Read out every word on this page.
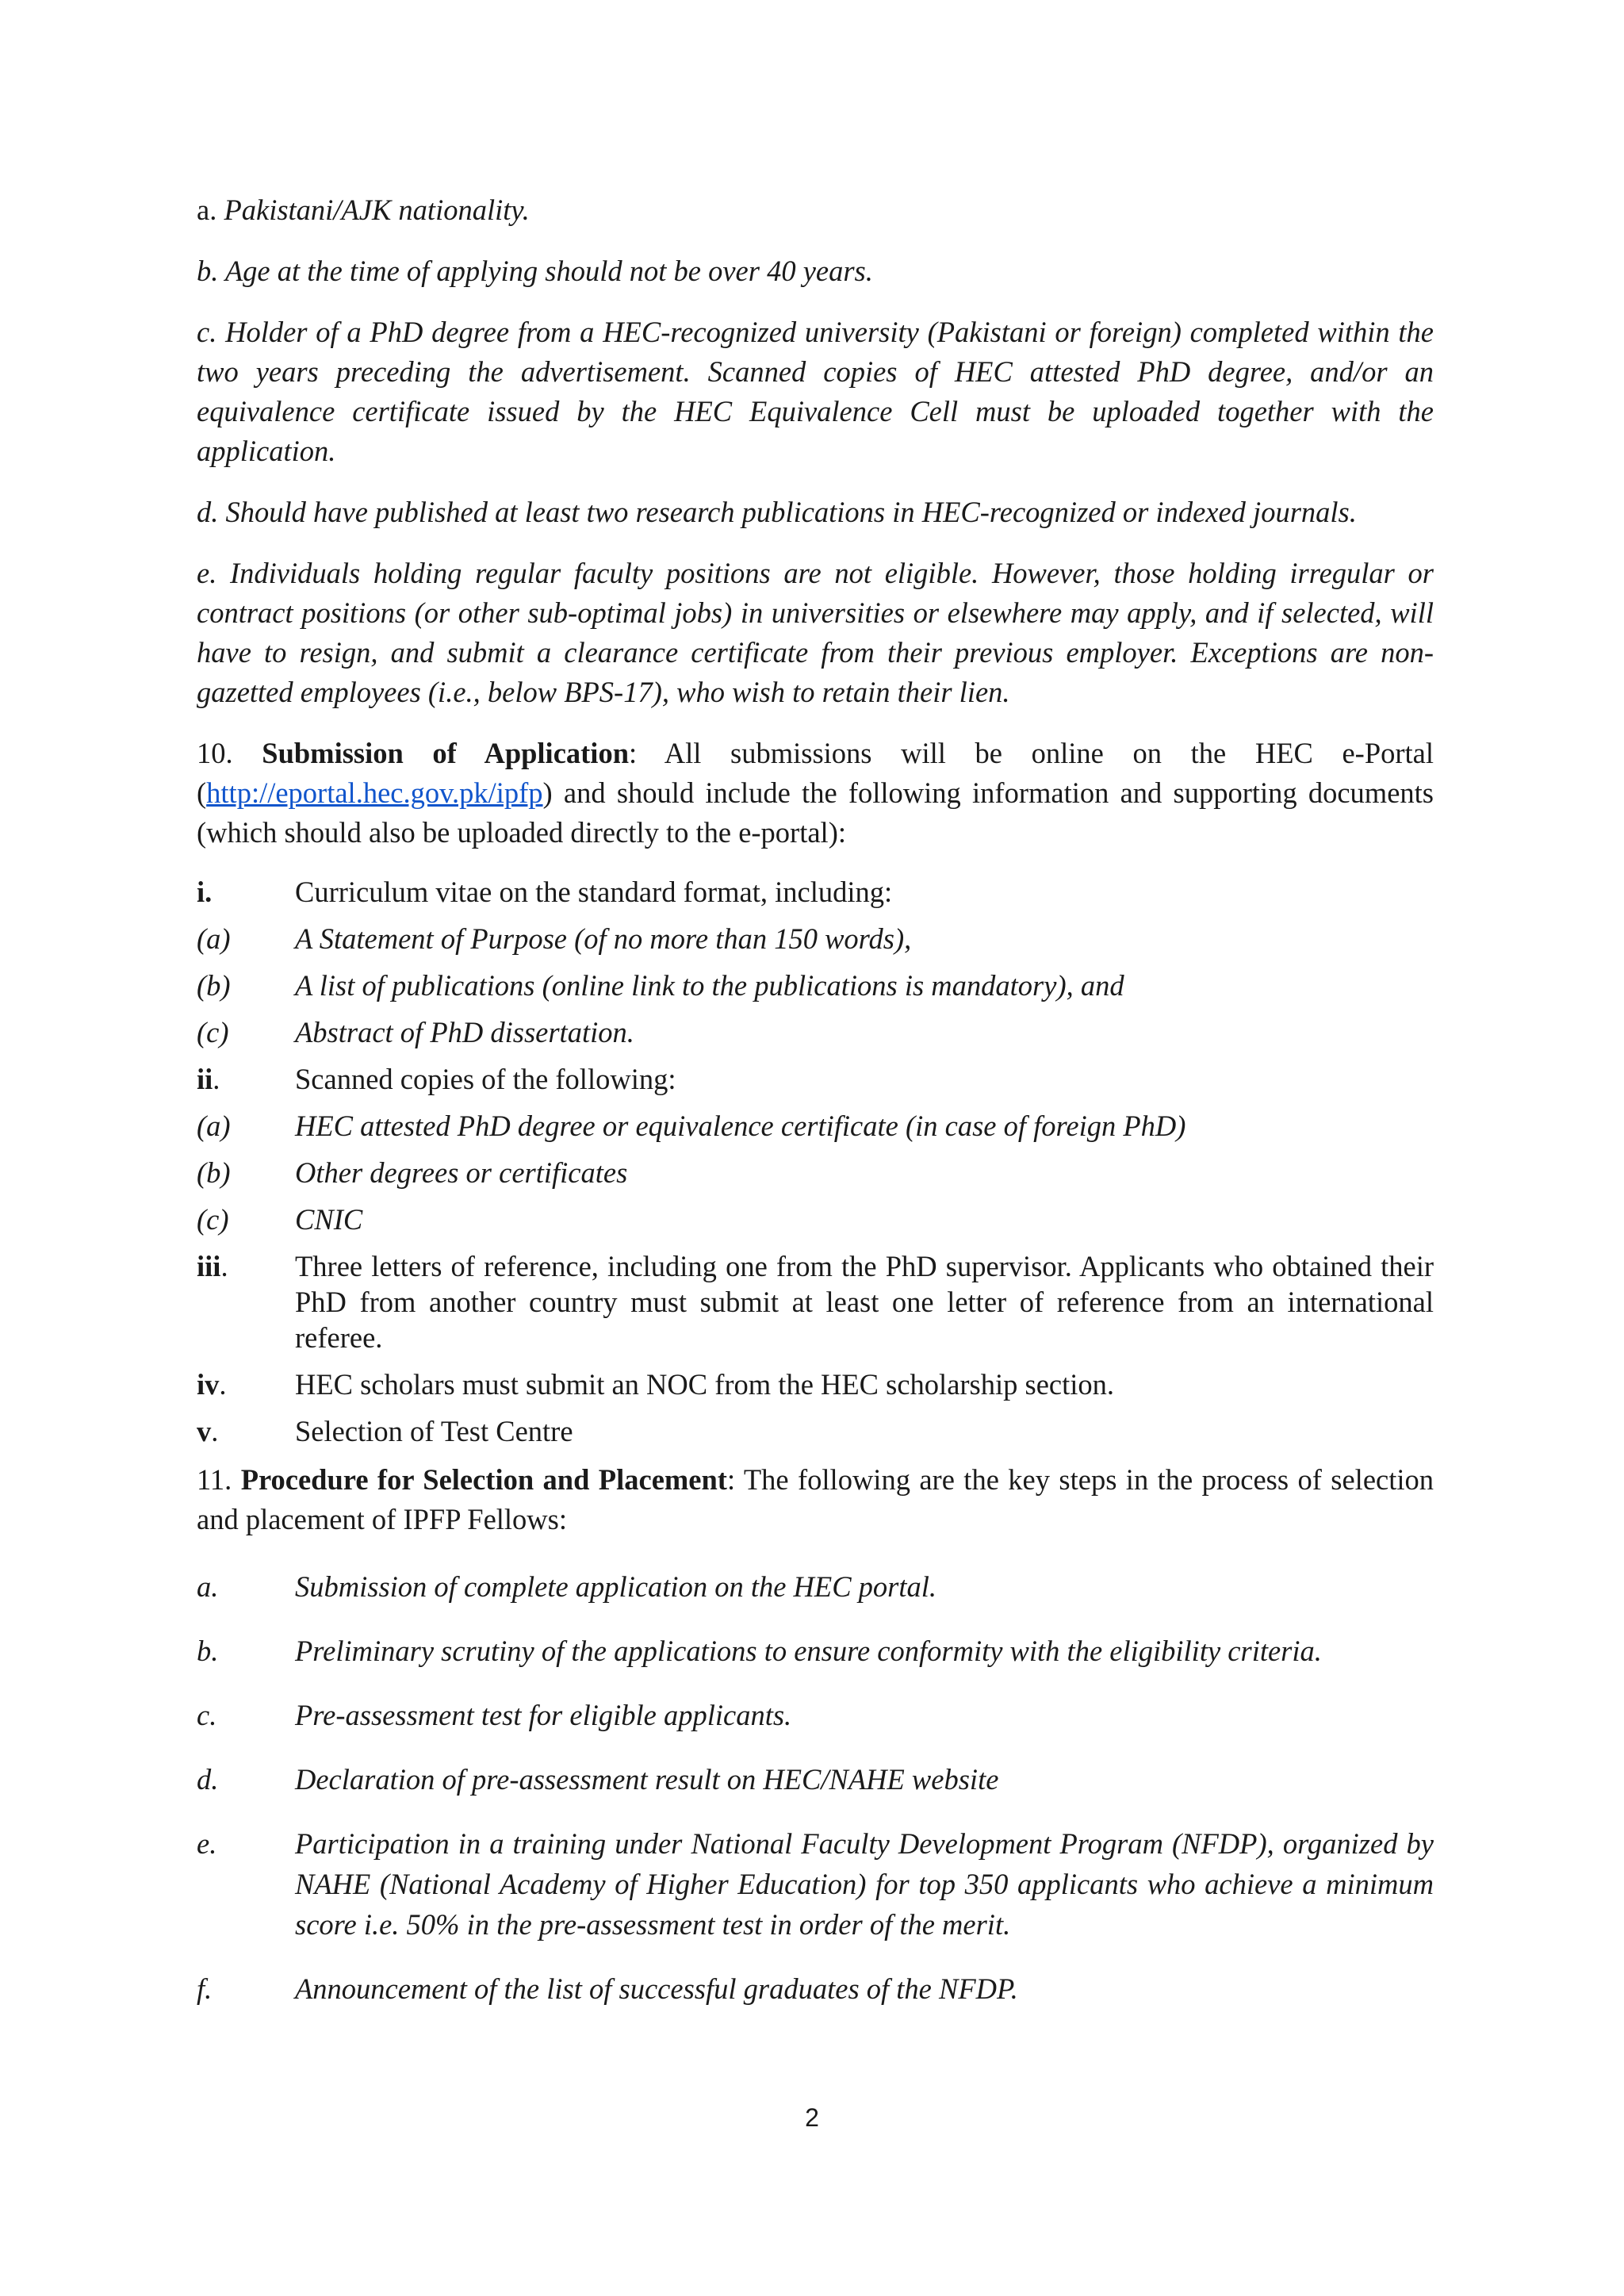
a. Pakistani/AJK nationality.

b. Age at the time of applying should not be over 40 years.

c. Holder of a PhD degree from a HEC-recognized university (Pakistani or foreign) completed within the two years preceding the advertisement. Scanned copies of HEC attested PhD degree, and/or an equivalence certificate issued by the HEC Equivalence Cell must be uploaded together with the application.

d. Should have published at least two research publications in HEC-recognized or indexed journals.

e. Individuals holding regular faculty positions are not eligible. However, those holding irregular or contract positions (or other sub-optimal jobs) in universities or elsewhere may apply, and if selected, will have to resign, and submit a clearance certificate from their previous employer. Exceptions are non-gazetted employees (i.e., below BPS-17), who wish to retain their lien.

10. Submission of Application: All submissions will be online on the HEC e-Portal (http://eportal.hec.gov.pk/ipfp) and should include the following information and supporting documents (which should also be uploaded directly to the e-portal):

i.	Curriculum vitae on the standard format, including:
(a)	A Statement of Purpose (of no more than 150 words),
(b)	A list of publications (online link to the publications is mandatory), and
(c)	Abstract of PhD dissertation.
ii.	Scanned copies of the following:
(a)	HEC attested PhD degree or equivalence certificate (in case of foreign PhD)
(b)	Other degrees or certificates
(c)	CNIC
iii.	Three letters of reference, including one from the PhD supervisor. Applicants who obtained their PhD from another country must submit at least one letter of reference from an international referee.
iv.	HEC scholars must submit an NOC from the HEC scholarship section.
v.	Selection of Test Centre

11. Procedure for Selection and Placement: The following are the key steps in the process of selection and placement of IPFP Fellows:

a.	Submission of complete application on the HEC portal.
b.	Preliminary scrutiny of the applications to ensure conformity with the eligibility criteria.
c.	Pre-assessment test for eligible applicants.
d.	Declaration of pre-assessment result on HEC/NAHE website
e.	Participation in a training under National Faculty Development Program (NFDP), organized by NAHE (National Academy of Higher Education) for top 350 applicants who achieve a minimum score i.e. 50% in the pre-assessment test in order of the merit.
f.	Announcement of the list of successful graduates of the NFDP.
2
